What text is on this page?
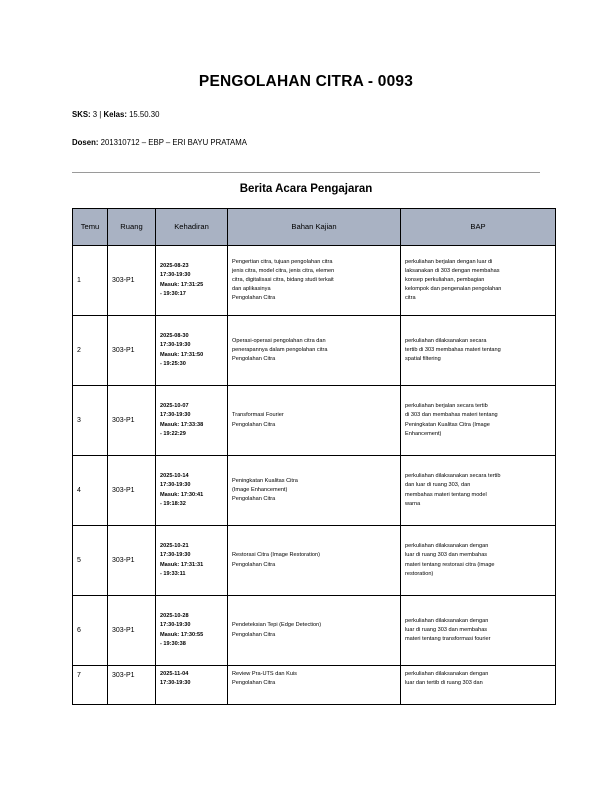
PENGOLAHAN CITRA - 0093
SKS: 3 | Kelas: 15.50.30
Dosen: 201310712 – EBP – ERI BAYU PRATAMA
Berita Acara Pengajaran
Temu	Ruang	Kehadiran	Bahan Kajian	BAP
1	303-P1	2025-08-23
17:30-19:30
Masuk: 17:31:25
- 19:30:17	Pengertian citra, tujuan pengolahan citra
jenis citra, model citra, jenis citra, elemen
citra, digitalisasi citra, bidang studi terkait
dan aplikasinya
Pengolahan Citra	perkuliahan berjalan dengan luar di
laksanakan di 303 dengan membahas
konsep perkuliahan, pembagian
kelompok dan pengenalan pengolahan
citra

2	303-P1	2025-08-30
17:30-19:30
Masuk: 17:31:50
- 19:25:30	Operasi-operasi pengolahan citra dan
penerapannya dalam pengolahan citra
Pengolahan Citra	perkuliahan dilaksanakan secara
tertib di 303 membahas materi tentang
spatial filtering

3	303-P1	2025-10-07
17:30-19:30
Masuk: 17:33:38
- 19:22:29	Transformasi Fourier
Pengolahan Citra	perkuliahan berjalan secara tertib
di 303 dan membahas materi tentang
Peningkatan Kualitas Citra (Image
Enhancement)

4	303-P1	2025-10-14
17:30-19:30
Masuk: 17:30:41
- 19:18:32	Peningkatan Kualitas Citra
(Image Enhancement)
Pengolahan Citra	perkuliahan dilaksanakan secara tertib
dan luar di ruang 303, dan
membahas materi tentang model
warna

5	303-P1	2025-10-21
17:30-19:30
Masuk: 17:31:31
- 19:33:11	Restorasi Citra (Image Restoration)
Pengolahan Citra	perkuliahan dilaksanakan dengan
luar di ruang 303 dan membahas
materi tentang restorasi citra (image
restoration)

6	303-P1	2025-10-28
17:30-19:30
Masuk: 17:30:55
- 19:30:38	Pendeteksian Tepi (Edge Detection)
Pengolahan Citra	perkuliahan dilaksanakan dengan
luar di ruang 303 dan membahas
materi tentang transformasi fourier

7	303-P1	2025-11-04
17:30-19:30	Review Pra-UTS dan Kuis
Pengolahan Citra	perkuliahan dilaksanakan dengan
luar dan tertib di ruang 303 dan
